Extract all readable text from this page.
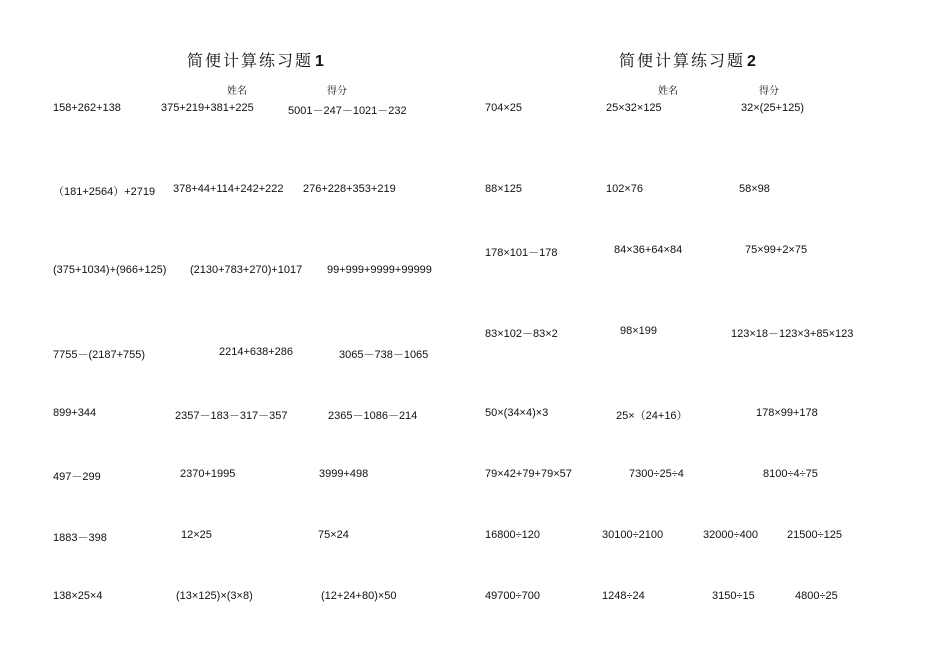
简便计算练习题 1
姓名	得分
158+262+138	375+219+381+225	5001－247－1021－232
（181+2564）+2719 378+44+114+242+222 276+228+353+219
(375+1034)+(966+125) (2130+783+270)+1017 99+999+9999+99999
7755－(2187+755)	2214+638+286	3065－738－1065
899+344	2357－183－317－357	2365－1086－214
497－299	2370+1995	3999+498
1883－398	12×25	75×24
138×25×4	(13×125)×(3×8)	(12+24+80)×50
简便计算练习题 2
姓名	得分
704×25	25×32×125	32×(25+125)
88×125	102×76	58×98
178×101－178	84×36+64×84	75×99+2×75
83×102－83×2	98×199	123×18－123×3+85×123
50×(34×4)×3	25×（24+16）	178×99+178
79×42+79+79×57	7300÷25÷4	8100÷4÷75
16800÷120	30100÷2100	32000÷400	21500÷125
49700÷700	1248÷24	3150÷15	4800÷25
